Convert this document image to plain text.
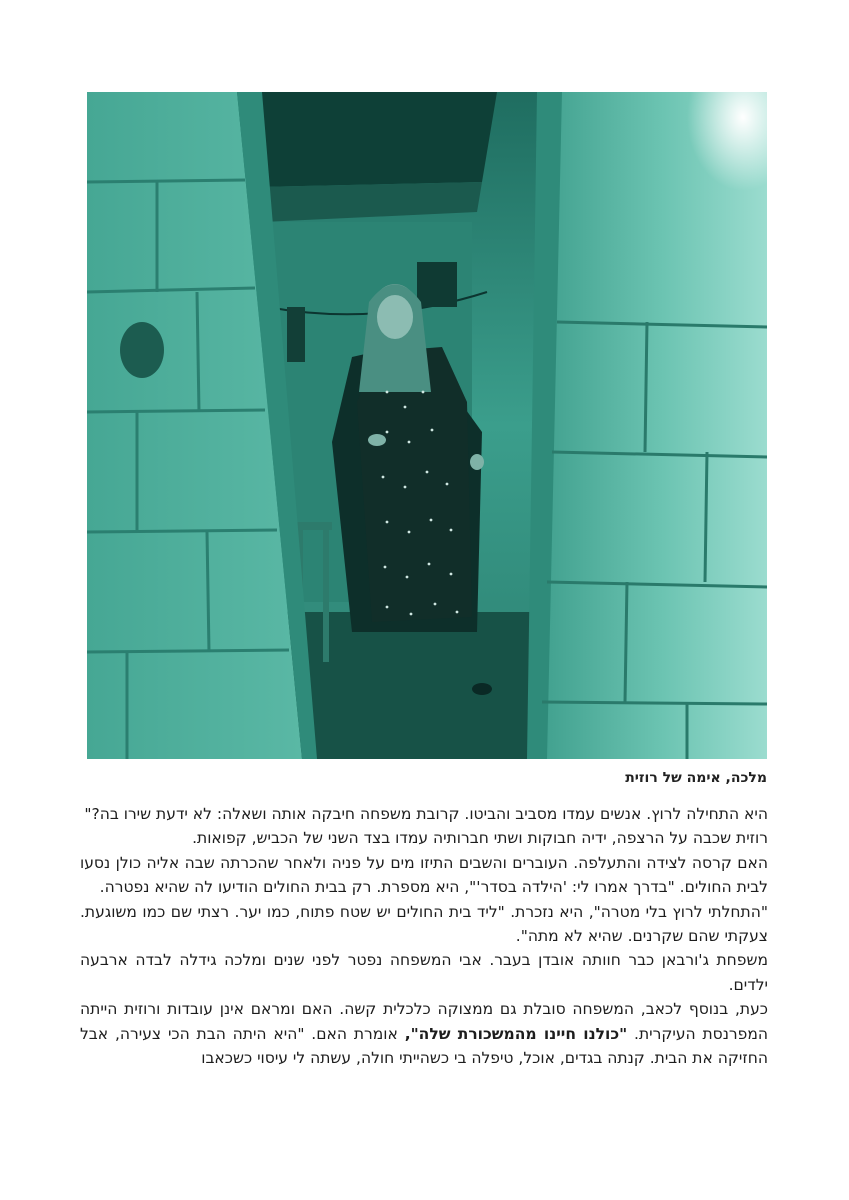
מלכה, אימה של רוזית

היא התחילה לרוץ. אנשים עמדו מסביב והביטו. קרובת משפחה חיבקה אותה ושאלה: לא ידעת שירו בה?"

רוזית שכבה על הרצפה, ידיה חבוקות ושתי חברותיה עמדו בצד השני של הכביש, קפואות.

האם קרסה לצידה והתעלפה. העוברים והשבים התיזו מים על פניה ולאחר שהכרתה שבה אליה כולן נסעו לבית החולים. "בדרך אמרו לי: 'הילדה בסדר'", היא מספרת. רק בבית החולים הודיעו לה שהיא נפטרה.

"התחלתי לרוץ בלי מטרה", היא נזכרת. "ליד בית החולים יש שטח פתוח, כמו יער. רצתי שם כמו משוגעת. צעקתי שהם שקרנים. שהיא לא מתה".

משפחת ג'ורבאן כבר חוותה אובדן בעבר. אבי המשפחה נפטר לפני שנים ומלכה גידלה לבדה ארבעה ילדים.

כעת, בנוסף לכאב, המשפחה סובלת גם ממצוקה כלכלית קשה. האם ומראם אינן עובדות ורוזית הייתה המפרנסת העיקרית. "כולנו חיינו מהמשכורת שלה", אומרת האם. "היא היתה הבת הכי צעירה, אבל החזיקה את הבית. קנתה בגדים, אוכל, טיפלה בי כשהייתי חולה, עשתה לי עיסוי כשכאבו
